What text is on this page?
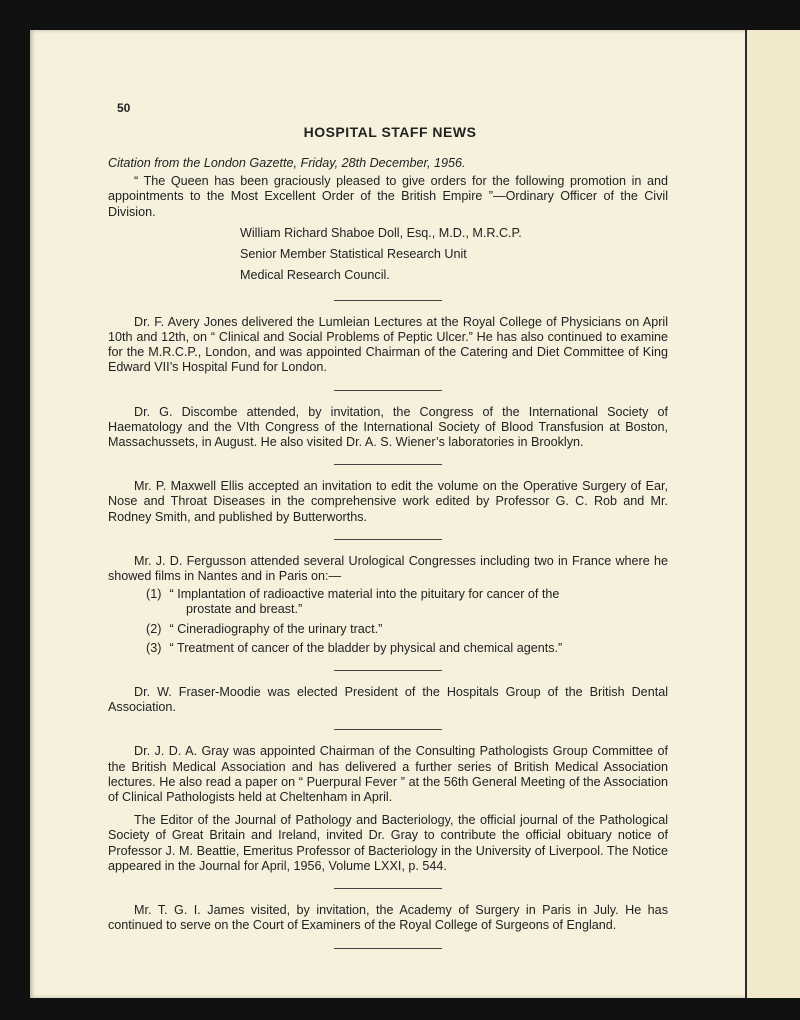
50
HOSPITAL STAFF NEWS

Citation from the London Gazette, Friday, 28th December, 1956.

“ The Queen has been graciously pleased to give orders for the following promotion in and appointments to the Most Excellent Order of the British Empire ”—Ordinary Officer of the Civil Division.

William Richard Shaboe Doll, Esq., M.D., M.R.C.P.
Senior Member Statistical Research Unit
Medical Research Council.

Dr. F. Avery Jones delivered the Lumleian Lectures at the Royal College of Physicians on April 10th and 12th, on “ Clinical and Social Problems of Peptic Ulcer.” He has also continued to examine for the M.R.C.P., London, and was appointed Chairman of the Catering and Diet Committee of King Edward VII’s Hospital Fund for London.

Dr. G. Discombe attended, by invitation, the Congress of the International Society of Haematology and the VIth Congress of the International Society of Blood Transfusion at Boston, Massachussets, in August. He also visited Dr. A. S. Wiener’s laboratories in Brooklyn.

Mr. P. Maxwell Ellis accepted an invitation to edit the volume on the Operative Surgery of Ear, Nose and Throat Diseases in the comprehensive work edited by Professor G. C. Rob and Mr. Rodney Smith, and published by Butterworths.

Mr. J. D. Fergusson attended several Urological Congresses including two in France where he showed films in Nantes and in Paris on:—

(1) “ Implantation of radioactive material into the pituitary for cancer of the
prostate and breast.”
(2) “ Cineradiography of the urinary tract.”
(3) “ Treatment of cancer of the bladder by physical and chemical agents.”

Dr. W. Fraser-Moodie was elected President of the Hospitals Group of the British Dental Association.

Dr. J. D. A. Gray was appointed Chairman of the Consulting Pathologists Group Committee of the British Medical Association and has delivered a further series of British Medical Association lectures. He also read a paper on “ Puerpural Fever ” at the 56th General Meeting of the Association of Clinical Pathologists held at Cheltenham in April.

The Editor of the Journal of Pathology and Bacteriology, the official journal of the Pathological Society of Great Britain and Ireland, invited Dr. Gray to contribute the official obituary notice of Professor J. M. Beattie, Emeritus Professor of Bacteriology in the University of Liverpool. The Notice appeared in the Journal for April, 1956, Volume LXXI, p. 544.

Mr. T. G. I. James visited, by invitation, the Academy of Surgery in Paris in July. He has continued to serve on the Court of Examiners of the Royal College of Surgeons of England.
